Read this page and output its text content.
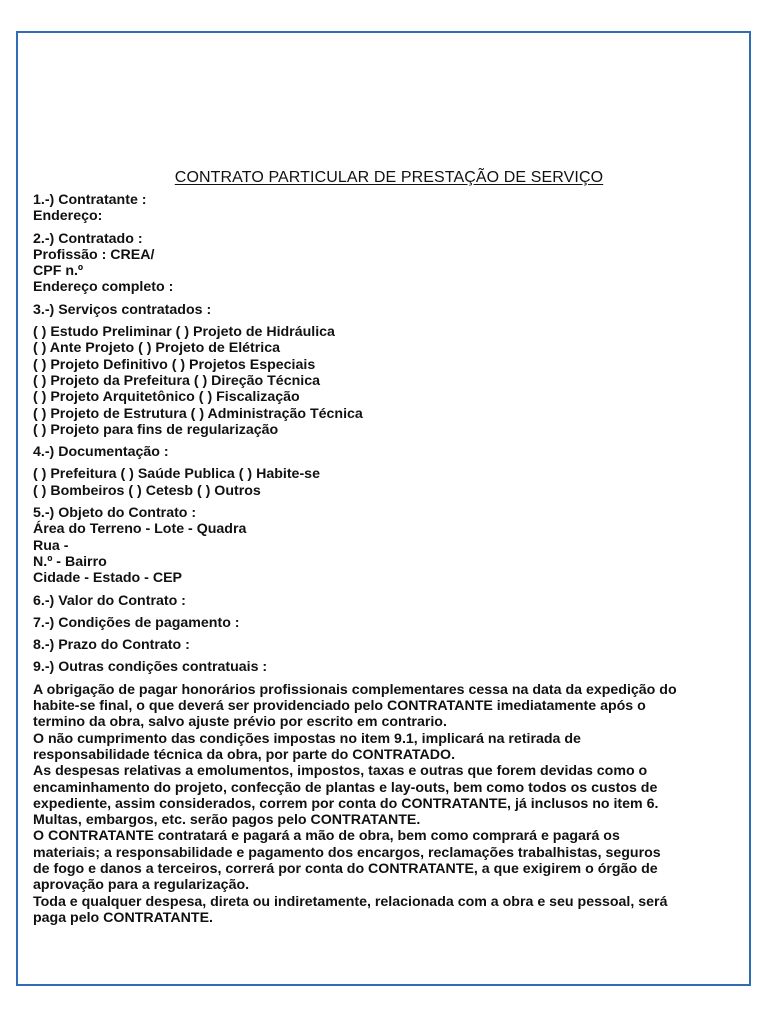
CONTRATO PARTICULAR DE PRESTAÇÃO DE SERVIÇO
1.-) Contratante :
Endereço:
2.-) Contratado :
Profissão : CREA/
CPF n.º
Endereço completo :
3.-) Serviços contratados :
( ) Estudo Preliminar ( ) Projeto de Hidráulica
( ) Ante Projeto ( ) Projeto de Elétrica
( ) Projeto Definitivo ( ) Projetos Especiais
( ) Projeto da Prefeitura ( ) Direção Técnica
( ) Projeto Arquitetônico ( ) Fiscalização
( ) Projeto de Estrutura ( ) Administração Técnica
( ) Projeto para fins de regularização
4.-) Documentação :
( ) Prefeitura ( ) Saúde Publica ( ) Habite-se
( ) Bombeiros ( ) Cetesb ( ) Outros
5.-) Objeto do Contrato :
Área do Terreno - Lote - Quadra
Rua -
N.º - Bairro
Cidade - Estado - CEP
6.-) Valor do Contrato :
7.-) Condições de pagamento :
8.-) Prazo do Contrato :
9.-) Outras condições contratuais :
A obrigação de pagar honorários profissionais complementares cessa na data da expedição do
habite-se final, o que deverá ser providenciado pelo CONTRATANTE imediatamente após o
termino da obra, salvo ajuste prévio por escrito em contrario.
O não cumprimento das condições impostas no item 9.1, implicará na retirada de
responsabilidade técnica da obra, por parte do CONTRATADO.
As despesas relativas a emolumentos, impostos, taxas e outras que forem devidas como o
encaminhamento do projeto, confecção de plantas e lay-outs, bem como todos os custos de
expediente, assim considerados, correm por conta do CONTRATANTE, já inclusos no item 6.
Multas, embargos, etc. serão pagos pelo CONTRATANTE.
O CONTRATANTE contratará e pagará a mão de obra, bem como comprará e pagará os
materiais; a responsabilidade e pagamento dos encargos, reclamações trabalhistas, seguros
de fogo e danos a terceiros, correrá por conta do CONTRATANTE, a que exigirem o órgão de
aprovação para a regularização.
Toda e qualquer despesa, direta ou indiretamente, relacionada com a obra e seu pessoal, será
paga pelo CONTRATANTE.
